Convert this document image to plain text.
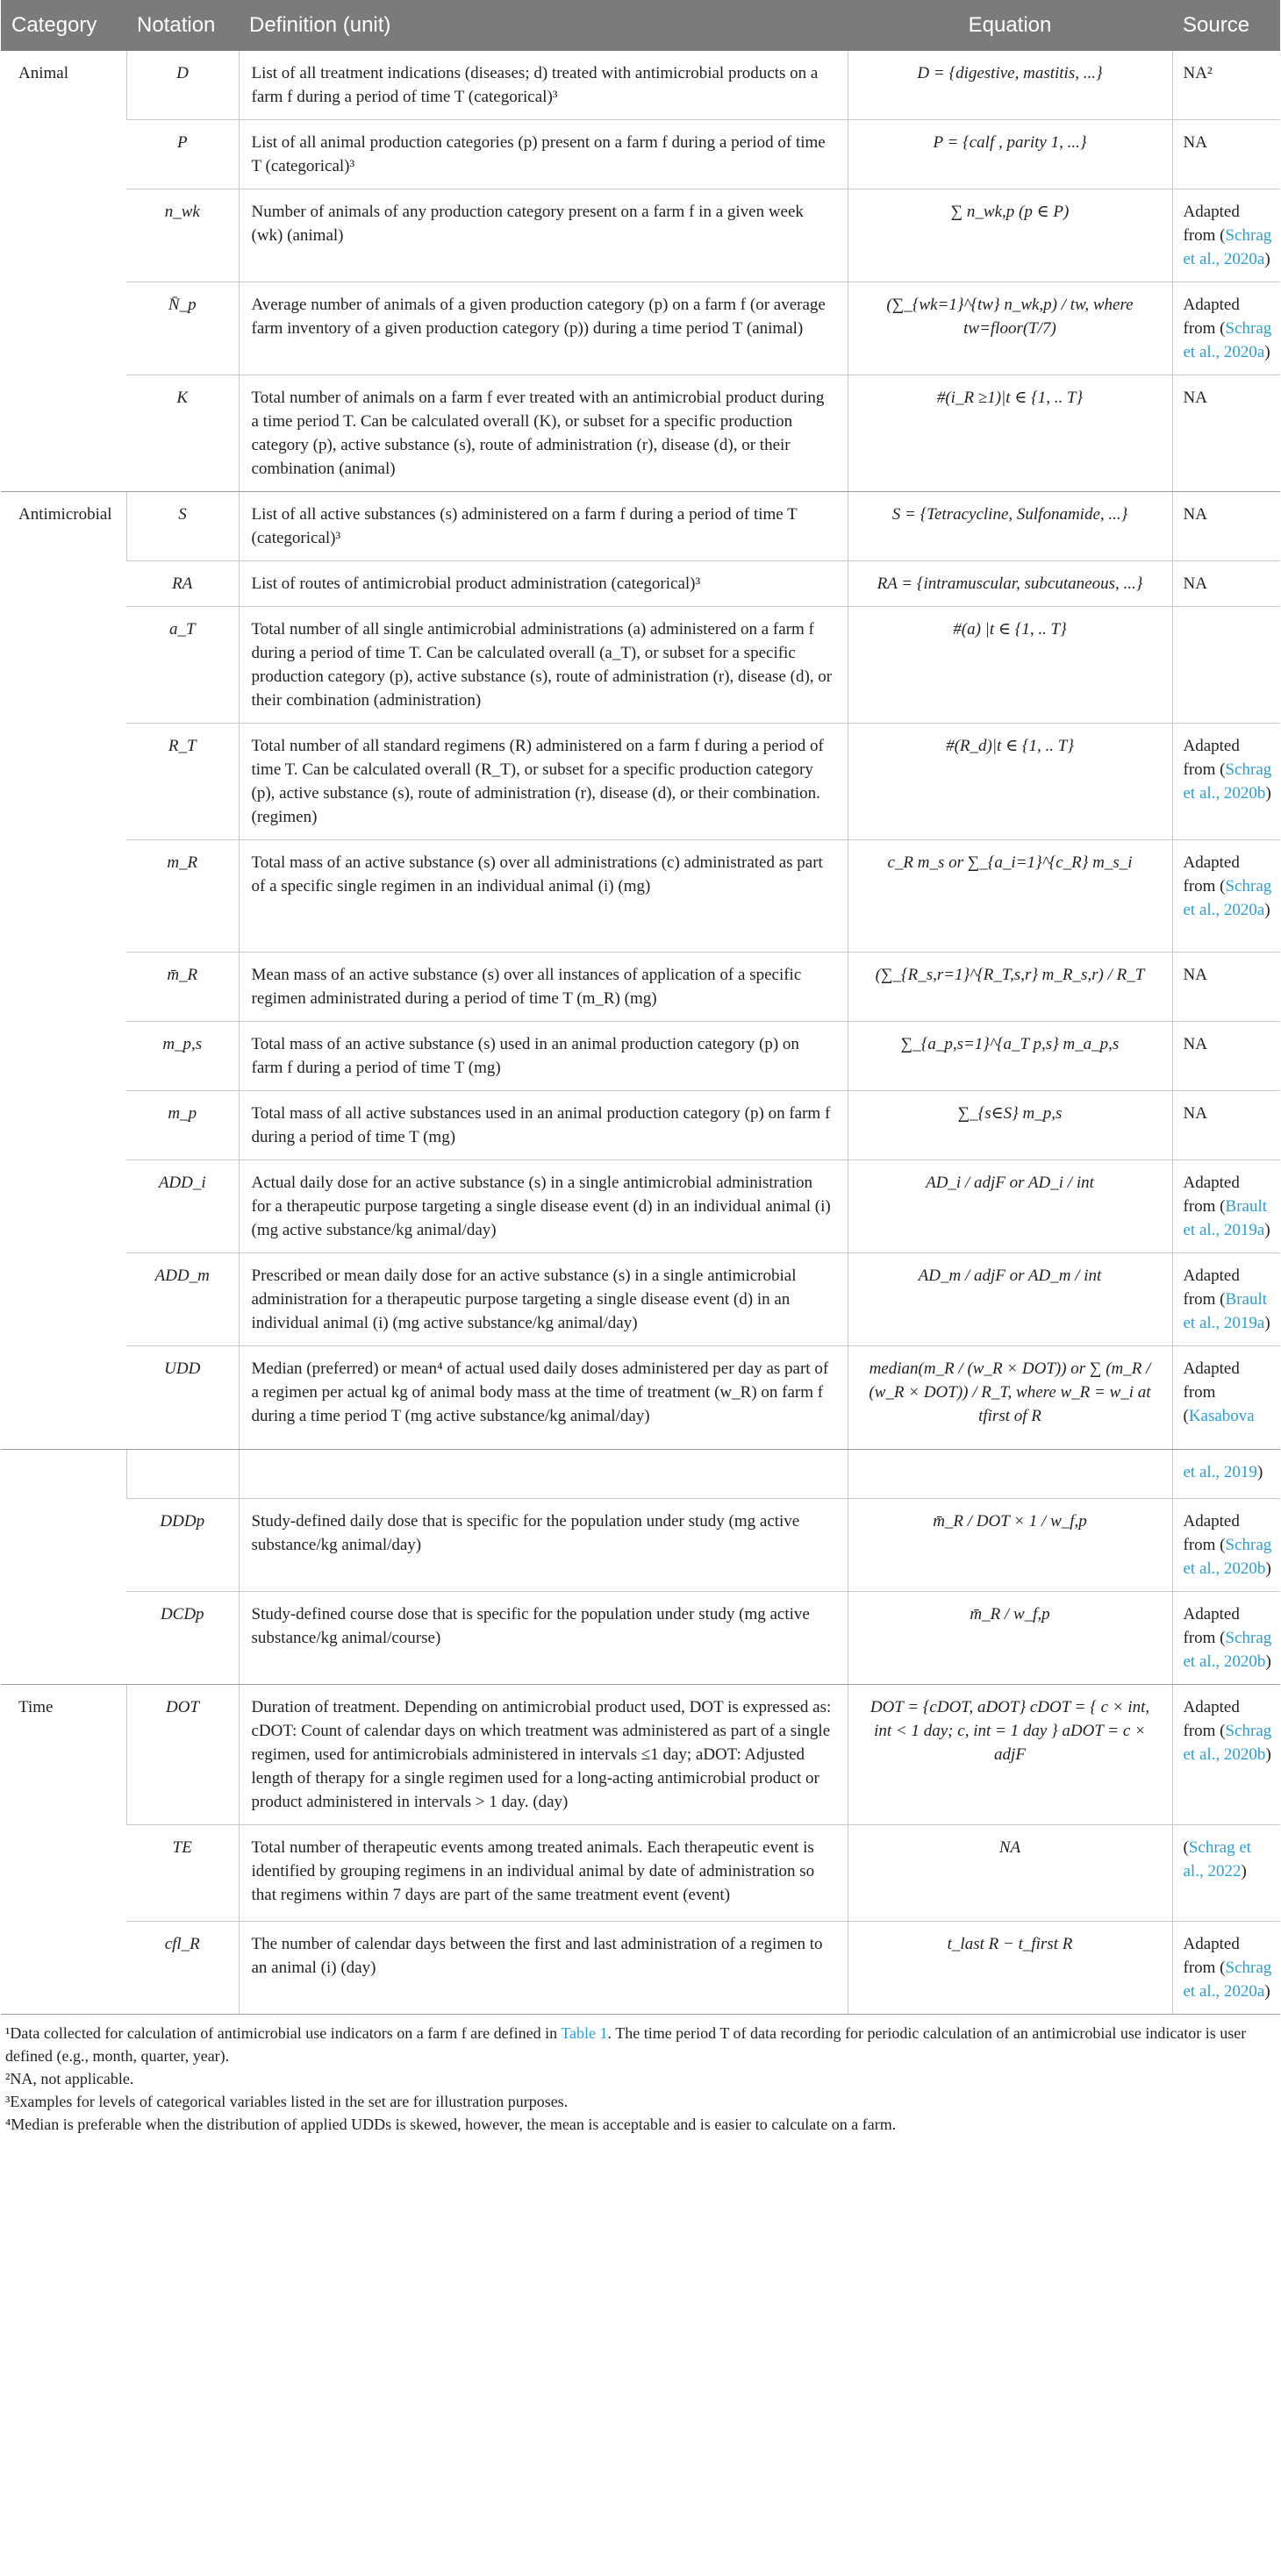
Category	Notation	Definition (unit)	Equation	Source
Animal	D	List of all treatment indications (diseases; d) treated with antimicrobial products on a farm f during a period of time T (categorical)³	D = {digestive, mastitis, ...}	NA²
	P	List of all animal production categories (p) present on a farm f during a period of time T (categorical)³	P = {calf , parity 1, ...}	NA
	n_wk	Number of animals of any production category present on a farm f in a given week (wk) (animal)	∑ n_wk,p (p ∈ P)	Adapted from (Schrag et al., 2020a)
	N̄_p	Average number of animals of a given production category (p) on a farm f (or average farm inventory of a given production category (p)) during a time period T (animal)	(∑_{wk=1}^{tw} n_wk,p) / tw, where tw=floor(T/7)	Adapted from (Schrag et al., 2020a)
	K	Total number of animals on a farm f ever treated with an antimicrobial product during a time period T. Can be calculated overall (K), or subset for a specific production category (p), active substance (s), route of administration (r), disease (d), or their combination (animal)	#(i_R ≥1)|t ∈ {1, .. T}	NA
Antimicrobial	S	List of all active substances (s) administered on a farm f during a period of time T (categorical)³	S = {Tetracycline, Sulfonamide, ...}	NA
	RA	List of routes of antimicrobial product administration (categorical)³	RA = {intramuscular, subcutaneous, ...}	NA
	a_T	Total number of all single antimicrobial administrations (a) administered on a farm f during a period of time T. Can be calculated overall (a_T), or subset for a specific production category (p), active substance (s), route of administration (r), disease (d), or their combination (administration)	#(a) |t ∈ {1, .. T}	
	R_T	Total number of all standard regimens (R) administered on a farm f during a period of time T. Can be calculated overall (R_T), or subset for a specific production category (p), active substance (s), route of administration (r), disease (d), or their combination. (regimen)	#(R_d)|t ∈ {1, .. T}	Adapted from (Schrag et al., 2020b)
	m_R	Total mass of an active substance (s) over all administrations (c) administrated as part of a specific single regimen in an individual animal (i) (mg)	c_R m_s or ∑_{a_i=1}^{c_R} m_s_i	Adapted from (Schrag et al., 2020a)
	m̄_R	Mean mass of an active substance (s) over all instances of application of a specific regimen administrated during a period of time T (m_R) (mg)	(∑_{R_s,r=1}^{R_T,s,r} m_R_s,r) / R_T	NA
	m_p,s	Total mass of an active substance (s) used in an animal production category (p) on farm f during a period of time T (mg)	∑_{a_p,s=1}^{a_T p,s} m_a_p,s	NA
	m_p	Total mass of all active substances used in an animal production category (p) on farm f during a period of time T (mg)	∑_{s∈S} m_p,s	NA
	ADD_i	Actual daily dose for an active substance (s) in a single antimicrobial administration for a therapeutic purpose targeting a single disease event (d) in an individual animal (i) (mg active substance/kg animal/day)	AD_i / adjF or AD_i / int	Adapted from (Brault et al., 2019a)
	ADD_m	Prescribed or mean daily dose for an active substance (s) in a single antimicrobial administration for a therapeutic purpose targeting a single disease event (d) in an individual animal (i) (mg active substance/kg animal/day)	AD_m / adjF or AD_m / int	Adapted from (Brault et al., 2019a)
	UDD	Median (preferred) or mean⁴ of actual used daily doses administered per day as part of a regimen per actual kg of animal body mass at the time of treatment (w_R) on farm f during a time period T (mg active substance/kg animal/day)	median(m_R / (w_R × DOT)) or ∑ (m_R / (w_R × DOT)) / R_T, where w_R = w_i at tfirst of R	Adapted from (Kasabova
				et al., 2019)
	DDDp	Study-defined daily dose that is specific for the population under study (mg active substance/kg animal/day)	m̄_R / DOT × 1 / w_f,p	Adapted from (Schrag et al., 2020b)
	DCDp	Study-defined course dose that is specific for the population under study (mg active substance/kg animal/course)	m̄_R / w_f,p	Adapted from (Schrag et al., 2020b)
Time	DOT	Duration of treatment. Depending on antimicrobial product used, DOT is expressed as: cDOT: Count of calendar days on which treatment was administered as part of a single regimen, used for antimicrobials administered in intervals ≤1 day; aDOT: Adjusted length of therapy for a single regimen used for a long-acting antimicrobial product or product administered in intervals > 1 day. (day)	DOT = {cDOT, aDOT} cDOT = { c × int, int < 1 day; c, int = 1 day } aDOT = c × adjF	Adapted from (Schrag et al., 2020b)
	TE	Total number of therapeutic events among treated animals. Each therapeutic event is identified by grouping regimens in an individual animal by date of administration so that regimens within 7 days are part of the same treatment event (event)	NA	(Schrag et al., 2022)
	cfl_R	The number of calendar days between the first and last administration of a regimen to an animal (i) (day)	t_last R − t_first R	Adapted from (Schrag et al., 2020a)

¹Data collected for calculation of antimicrobial use indicators on a farm f are defined in Table 1. The time period T of data recording for periodic calculation of an antimicrobial use indicator is user defined (e.g., month, quarter, year).

²NA, not applicable.

³Examples for levels of categorical variables listed in the set are for illustration purposes.

⁴Median is preferable when the distribution of applied UDDs is skewed, however, the mean is acceptable and is easier to calculate on a farm.
